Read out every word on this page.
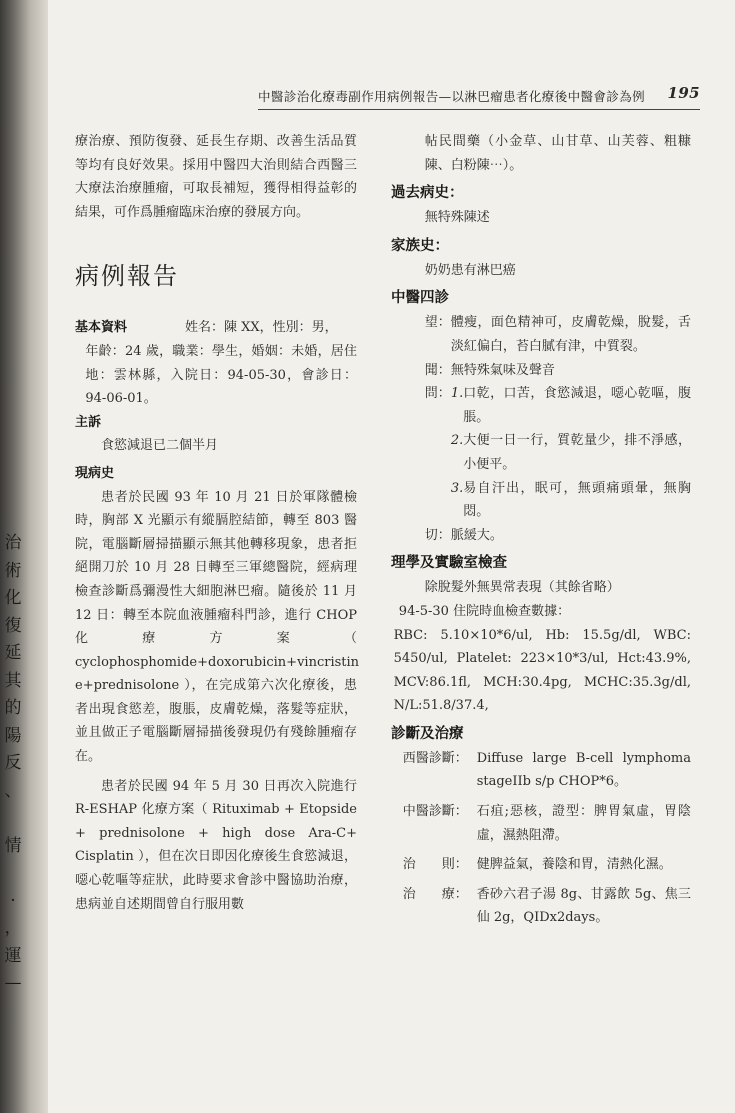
治
術
化
復
延
其
的
陽
反
、

情

·
，
運
—
中醫診治化療毒副作用病例報告—以淋巴瘤患者化療後中醫會診為例 195

療治療、預防復發、延長生存期、改善生活品質等均有良好效果。採用中醫四大治則結合西醫三大療法治療腫瘤，可取長補短，獲得相得益彰的結果，可作爲腫瘤臨床治療的發展方向。

病例報告
基本資料	姓名：陳 XX，性別：男，

年齡：24 歲，職業：學生，婚姻：未婚，居住地：雲林縣，入院日：94-05-30，會診日：94-06-01。

主訴

食慾減退已二個半月

現病史

患者於民國 93 年 10 月 21 日於軍隊體檢時，胸部 X 光顯示有縱膈腔結節，轉至 803 醫院，電腦斷層掃描顯示無其他轉移現象，患者拒絕開刀於 10 月 28 日轉至三軍總醫院，經病理檢查診斷爲彌漫性大細胞淋巴瘤。隨後於 11 月 12 日：轉至本院血液腫瘤科門診，進行 CHOP 化療方案（ cyclophosphomide+doxorubicin+vincristin e+prednisolone ），在完成第六次化療後，患者出現食慾差，腹脹，皮膚乾燥，落髮等症狀，並且做正子電腦斷層掃描後發現仍有殘餘腫瘤存在。

患者於民國 94 年 5 月 30 日再次入院進行 R-ESHAP 化療方案（ Rituximab + Etopside + prednisolone + high dose Ara-C+ Cisplatin ），但在次日即因化療後生食慾減退，噁心乾嘔等症狀，此時要求會診中醫協助治療，患病並自述期間曾自行服用數

帖民間藥（小金草、山甘草、山芙蓉、粗糠陳、白粉陳⋯）。

過去病史：

無特殊陳述

家族史：

奶奶患有淋巴癌

中醫四診

望： 體瘦，面色精神可，皮膚乾燥，脫髮，舌淡紅偏白，苔白膩有津，中質裂。
聞： 無特殊氣味及聲音
問： 1. 口乾，口苦，食慾減退，噁心乾嘔，腹脹。
2. 大便一日一行，質乾量少，排不淨感，小便平。
3. 易自汗出，眠可，無頭痛頭暈，無胸悶。
切： 脈緩大。

理學及實驗室檢查

除脫髮外無異常表現（其餘省略）

94-5-30 住院時血檢查數據：

RBC: 5.10×10*6/ul, Hb: 15.5g/dl, WBC: 5450/ul, Platelet: 223×10*3/ul, Hct:43.9%, MCV:86.1fl, MCH:30.4pg, MCHC:35.3g/dl, N/L:51.8/37.4,

診斷及治療

西醫診斷： Diffuse large B-cell lymphoma stageIIb s/p CHOP*6。
中醫診斷： 石疽;惡核，證型：脾胃氣虛，胃陰虛，濕熱阻滯。
治　　則： 健脾益氣，養陰和胃，清熱化濕。
治　　療： 香砂六君子湯 8g、甘露飲 5g、焦三仙 2g，QIDx2days。
